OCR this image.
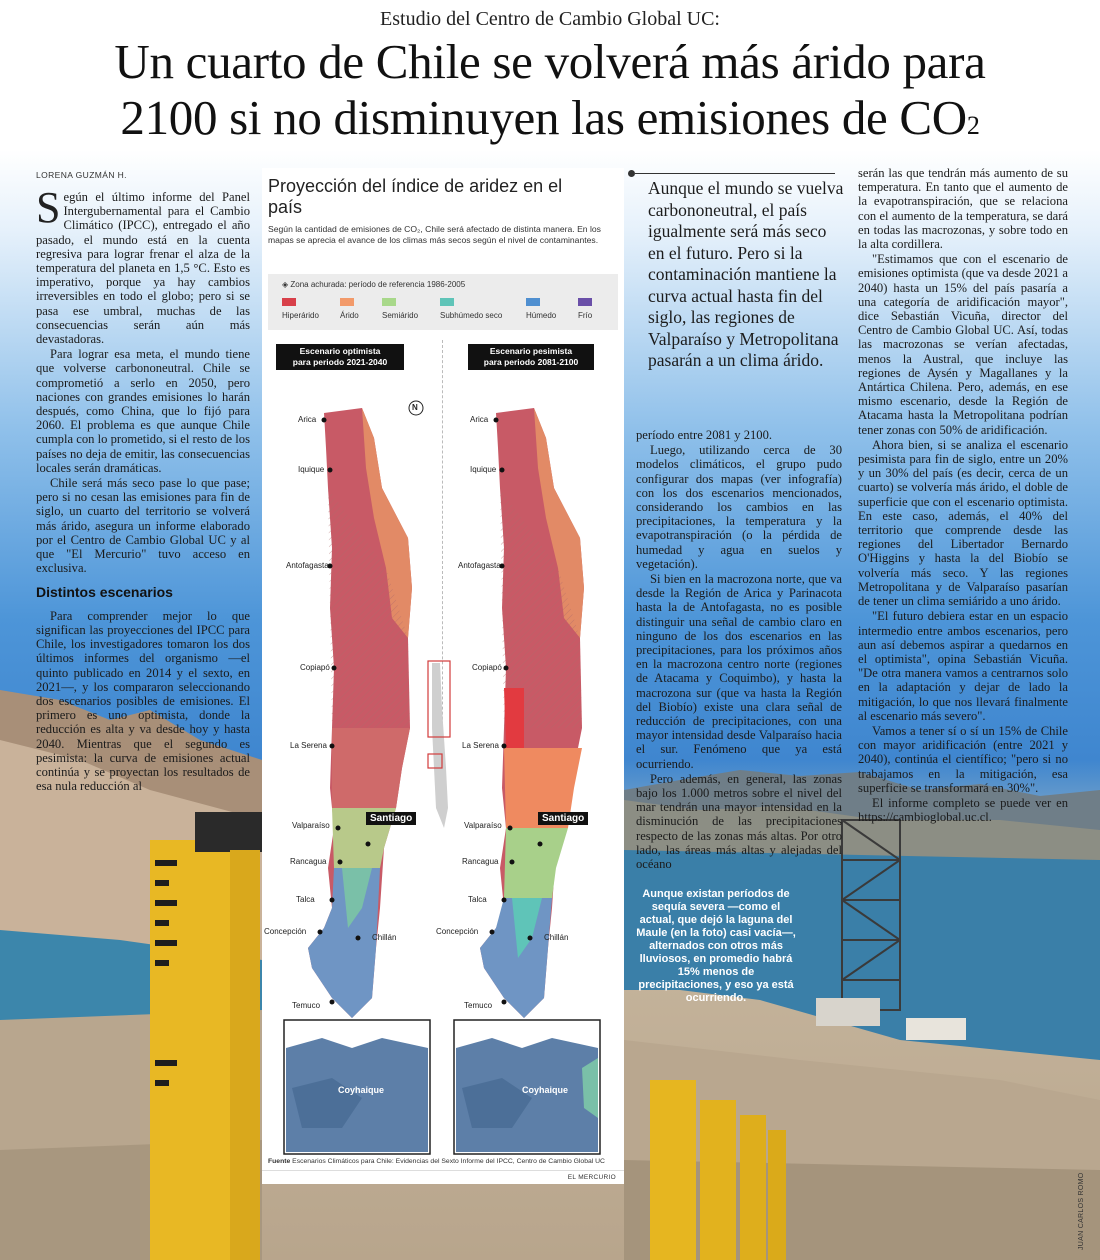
Estudio del Centro de Cambio Global UC:
Un cuarto de Chile se volverá más árido para
2100 si no disminuyen las emisiones de CO2
LORENA GUZMÁN H.

Según el último informe del Panel Intergubernamental para el Cambio Climático (IPCC), entregado el año pasado, el mundo está en la cuenta regresiva para lograr frenar el alza de la temperatura del planeta en 1,5 °C. Esto es imperativo, porque ya hay cambios irreversibles en todo el globo; pero si se pasa ese umbral, muchas de las consecuencias serán aún más devastadoras.

Para lograr esa meta, el mundo tiene que volverse carbononeutral. Chile se comprometió a serlo en 2050, pero naciones con grandes emisiones lo harán después, como China, que lo fijó para 2060. El problema es que aunque Chile cumpla con lo prometido, si el resto de los países no deja de emitir, las consecuencias locales serán dramáticas.

Chile será más seco pase lo que pase; pero si no cesan las emisiones para fin de siglo, un cuarto del territorio se volverá más árido, asegura un informe elaborado por el Centro de Cambio Global UC y al que "El Mercurio" tuvo acceso en exclusiva.

Distintos escenarios

Para comprender mejor lo que significan las proyecciones del IPCC para Chile, los investigadores tomaron los dos últimos informes del organismo —el quinto publicado en 2014 y el sexto, en 2021—, y los compararon seleccionando dos escenarios posibles de emisiones. El primero es uno optimista, donde la reducción es alta y va desde hoy y hasta 2040. Mientras que el segundo es pesimista: la curva de emisiones actual continúa y se proyectan los resultados de esa nula reducción al

Proyección del índice de aridez en el país
Según la cantidad de emisiones de CO₂, Chile será afectado de distinta manera. En los mapas se aprecia el avance de los climas más secos según el nivel de contaminantes.
◈ Zona achurada: período de referencia 1986-2005
Hiperárido	Árido	Semiárido	Subhúmedo seco	Húmedo	Frío
Escenario optimista
para periodo 2021-2040
Escenario pesimista
para periodo 2081-2100
N
Arica
Iquique
Antofagasta
Copiapó
La Serena
Valparaíso
Rancagua
Talca
Concepción
Chillán
Temuco
Santiago
Arica
Iquique
Antofagasta
Copiapó
La Serena
Valparaíso
Rancagua
Talca
Concepción
Chillán
Temuco
Santiago
Coyhaique	Coyhaique
Fuente Escenarios Climáticos para Chile: Evidencias del Sexto Informe del IPCC, Centro de Cambio Global UC
EL MERCURIO
Aunque el mundo se vuelva carbononeutral, el país igualmente será más seco en el futuro. Pero si la contaminación mantiene la curva actual hasta fin del siglo, las regiones de Valparaíso y Metropolitana pasarán a un clima árido.

período entre 2081 y 2100.

Luego, utilizando cerca de 30 modelos climáticos, el grupo pudo configurar dos mapas (ver infografía) con los dos escenarios mencionados, considerando los cambios en las precipitaciones, la temperatura y la evapotranspiración (o la pérdida de humedad y agua en suelos y vegetación).

Si bien en la macrozona norte, que va desde la Región de Arica y Parinacota hasta la de Antofagasta, no es posible distinguir una señal de cambio claro en ninguno de los dos escenarios en las precipitaciones, para los próximos años en la macrozona centro norte (regiones de Atacama y Coquimbo), y hasta la macrozona sur (que va hasta la Región del Biobío) existe una clara señal de reducción de precipitaciones, con una mayor intensidad desde Valparaíso hacia el sur. Fenómeno que ya está ocurriendo.

Pero además, en general, las zonas bajo los 1.000 metros sobre el nivel del mar tendrán una mayor intensidad en la disminución de las precipitaciones respecto de las zonas más altas. Por otro lado, las áreas más altas y alejadas del océano

serán las que tendrán más aumento de su temperatura. En tanto que el aumento de la evapotranspiración, que se relaciona con el aumento de la temperatura, se dará en todas las macrozonas, y sobre todo en la alta cordillera.

"Estimamos que con el escenario de emisiones optimista (que va desde 2021 a 2040) hasta un 15% del país pasaría a una categoría de aridificación mayor", dice Sebastián Vicuña, director del Centro de Cambio Global UC. Así, todas las macrozonas se verían afectadas, menos la Austral, que incluye las regiones de Aysén y Magallanes y la Antártica Chilena. Pero, además, en ese mismo escenario, desde la Región de Atacama hasta la Metropolitana podrían tener zonas con 50% de aridificación.

Ahora bien, si se analiza el escenario pesimista para fin de siglo, entre un 20% y un 30% del país (es decir, cerca de un cuarto) se volvería más árido, el doble de superficie que con el escenario optimista. En este caso, además, el 40% del territorio que comprende desde las regiones del Libertador Bernardo O'Higgins y hasta la del Biobío se volvería más seco. Y las regiones Metropolitana y de Valparaíso pasarían de tener un clima semiárido a uno árido.

"El futuro debiera estar en un espacio intermedio entre ambos escenarios, pero aun así debemos aspirar a quedarnos en el optimista", opina Sebastián Vicuña. "De otra manera vamos a centrarnos solo en la adaptación y dejar de lado la mitigación, lo que nos llevará finalmente al escenario más severo".

Vamos a tener sí o sí un 15% de Chile con mayor aridificación (entre 2021 y 2040), continúa el científico; "pero si no trabajamos en la mitigación, esa superficie se transformará en 30%".

El informe completo se puede ver en https://cambioglobal.uc.cl.

Aunque existan períodos de sequía severa —como el actual, que dejó la laguna del Maule (en la foto) casi vacía—, alternados con otros más lluviosos, en promedio habrá 15% menos de precipitaciones, y eso ya está ocurriendo.
JUAN CARLOS ROMO
